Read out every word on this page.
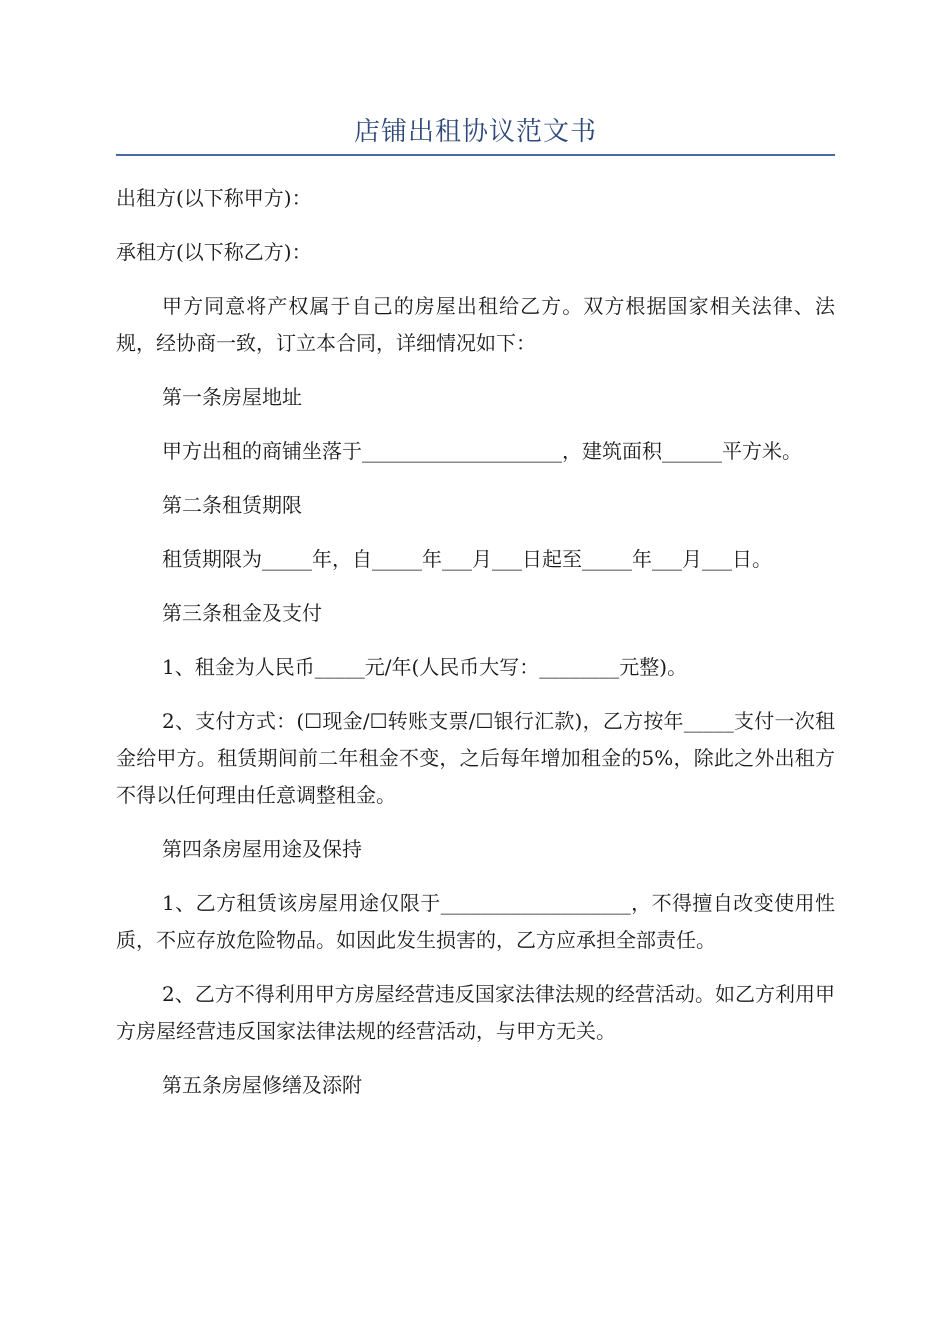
店铺出租协议范文书

出租方(以下称甲方)：

承租方(以下称乙方)：

甲方同意将产权属于自己的房屋出租给乙方。双方根据国家相关法律、法规，经协商一致，订立本合同，详细情况如下：

第一条房屋地址

甲方出租的商铺坐落于____________________，建筑面积______平方米。

第二条租赁期限

租赁期限为_____年，自_____年___月___日起至_____年___月___日。

第三条租金及支付

1、租金为人民币_____元/年(人民币大写：________元整)。

2、支付方式：(☐现金/☐转账支票/☐银行汇款)，乙方按年_____支付一次租金给甲方。租赁期间前二年租金不变，之后每年增加租金的5%，除此之外出租方不得以任何理由任意调整租金。

第四条房屋用途及保持

1、乙方租赁该房屋用途仅限于___________________，不得擅自改变使用性质，不应存放危险物品。如因此发生损害的，乙方应承担全部责任。

2、乙方不得利用甲方房屋经营违反国家法律法规的经营活动。如乙方利用甲方房屋经营违反国家法律法规的经营活动，与甲方无关。

第五条房屋修缮及添附
